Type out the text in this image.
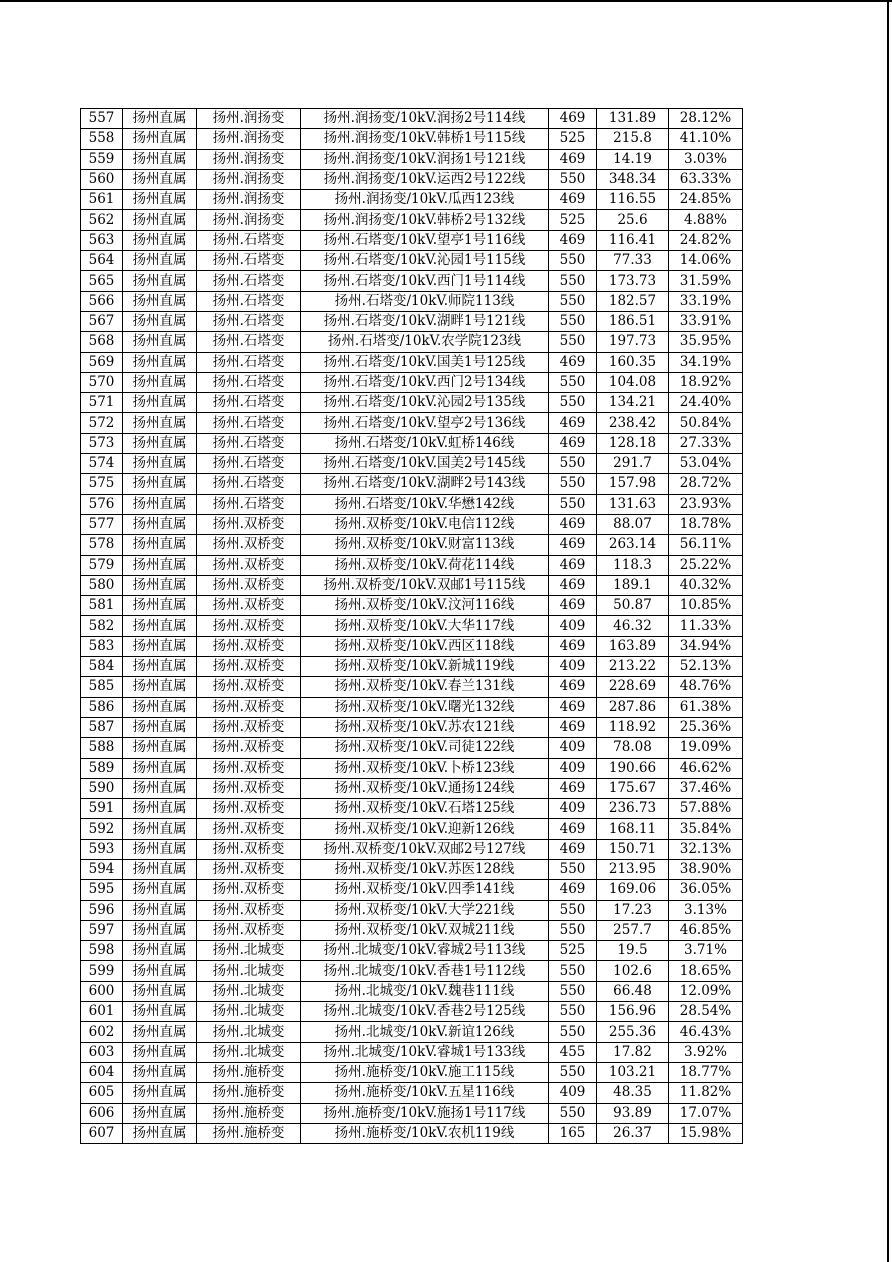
557	扬州直属	扬州.润扬变	扬州.润扬变/10kV.润扬2号114线	469	131.89	28.12%
558	扬州直属	扬州.润扬变	扬州.润扬变/10kV.韩桥1号115线	525	215.8	41.10%
559	扬州直属	扬州.润扬变	扬州.润扬变/10kV.润扬1号121线	469	14.19	3.03%
560	扬州直属	扬州.润扬变	扬州.润扬变/10kV.运西2号122线	550	348.34	63.33%
561	扬州直属	扬州.润扬变	扬州.润扬变/10kV.瓜西123线	469	116.55	24.85%
562	扬州直属	扬州.润扬变	扬州.润扬变/10kV.韩桥2号132线	525	25.6	4.88%
563	扬州直属	扬州.石塔变	扬州.石塔变/10kV.望亭1号116线	469	116.41	24.82%
564	扬州直属	扬州.石塔变	扬州.石塔变/10kV.沁园1号115线	550	77.33	14.06%
565	扬州直属	扬州.石塔变	扬州.石塔变/10kV.西门1号114线	550	173.73	31.59%
566	扬州直属	扬州.石塔变	扬州.石塔变/10kV.师院113线	550	182.57	33.19%
567	扬州直属	扬州.石塔变	扬州.石塔变/10kV.湖畔1号121线	550	186.51	33.91%
568	扬州直属	扬州.石塔变	扬州.石塔变/10kV.农学院123线	550	197.73	35.95%
569	扬州直属	扬州.石塔变	扬州.石塔变/10kV.国美1号125线	469	160.35	34.19%
570	扬州直属	扬州.石塔变	扬州.石塔变/10kV.西门2号134线	550	104.08	18.92%
571	扬州直属	扬州.石塔变	扬州.石塔变/10kV.沁园2号135线	550	134.21	24.40%
572	扬州直属	扬州.石塔变	扬州.石塔变/10kV.望亭2号136线	469	238.42	50.84%
573	扬州直属	扬州.石塔变	扬州.石塔变/10kV.虹桥146线	469	128.18	27.33%
574	扬州直属	扬州.石塔变	扬州.石塔变/10kV.国美2号145线	550	291.7	53.04%
575	扬州直属	扬州.石塔变	扬州.石塔变/10kV.湖畔2号143线	550	157.98	28.72%
576	扬州直属	扬州.石塔变	扬州.石塔变/10kV.华懋142线	550	131.63	23.93%
577	扬州直属	扬州.双桥变	扬州.双桥变/10kV.电信112线	469	88.07	18.78%
578	扬州直属	扬州.双桥变	扬州.双桥变/10kV.财富113线	469	263.14	56.11%
579	扬州直属	扬州.双桥变	扬州.双桥变/10kV.荷花114线	469	118.3	25.22%
580	扬州直属	扬州.双桥变	扬州.双桥变/10kV.双邮1号115线	469	189.1	40.32%
581	扬州直属	扬州.双桥变	扬州.双桥变/10kV.汶河116线	469	50.87	10.85%
582	扬州直属	扬州.双桥变	扬州.双桥变/10kV.大华117线	409	46.32	11.33%
583	扬州直属	扬州.双桥变	扬州.双桥变/10kV.西区118线	469	163.89	34.94%
584	扬州直属	扬州.双桥变	扬州.双桥变/10kV.新城119线	409	213.22	52.13%
585	扬州直属	扬州.双桥变	扬州.双桥变/10kV.春兰131线	469	228.69	48.76%
586	扬州直属	扬州.双桥变	扬州.双桥变/10kV.曙光132线	469	287.86	61.38%
587	扬州直属	扬州.双桥变	扬州.双桥变/10kV.苏农121线	469	118.92	25.36%
588	扬州直属	扬州.双桥变	扬州.双桥变/10kV.司徒122线	409	78.08	19.09%
589	扬州直属	扬州.双桥变	扬州.双桥变/10kV.卜桥123线	409	190.66	46.62%
590	扬州直属	扬州.双桥变	扬州.双桥变/10kV.通扬124线	469	175.67	37.46%
591	扬州直属	扬州.双桥变	扬州.双桥变/10kV.石塔125线	409	236.73	57.88%
592	扬州直属	扬州.双桥变	扬州.双桥变/10kV.迎新126线	469	168.11	35.84%
593	扬州直属	扬州.双桥变	扬州.双桥变/10kV.双邮2号127线	469	150.71	32.13%
594	扬州直属	扬州.双桥变	扬州.双桥变/10kV.苏医128线	550	213.95	38.90%
595	扬州直属	扬州.双桥变	扬州.双桥变/10kV.四季141线	469	169.06	36.05%
596	扬州直属	扬州.双桥变	扬州.双桥变/10kV.大学221线	550	17.23	3.13%
597	扬州直属	扬州.双桥变	扬州.双桥变/10kV.双城211线	550	257.7	46.85%
598	扬州直属	扬州.北城变	扬州.北城变/10kV.睿城2号113线	525	19.5	3.71%
599	扬州直属	扬州.北城变	扬州.北城变/10kV.香巷1号112线	550	102.6	18.65%
600	扬州直属	扬州.北城变	扬州.北城变/10kV.魏巷111线	550	66.48	12.09%
601	扬州直属	扬州.北城变	扬州.北城变/10kV.香巷2号125线	550	156.96	28.54%
602	扬州直属	扬州.北城变	扬州.北城变/10kV.新谊126线	550	255.36	46.43%
603	扬州直属	扬州.北城变	扬州.北城变/10kV.睿城1号133线	455	17.82	3.92%
604	扬州直属	扬州.施桥变	扬州.施桥变/10kV.施工115线	550	103.21	18.77%
605	扬州直属	扬州.施桥变	扬州.施桥变/10kV.五星116线	409	48.35	11.82%
606	扬州直属	扬州.施桥变	扬州.施桥变/10kV.施扬1号117线	550	93.89	17.07%
607	扬州直属	扬州.施桥变	扬州.施桥变/10kV.农机119线	165	26.37	15.98%
